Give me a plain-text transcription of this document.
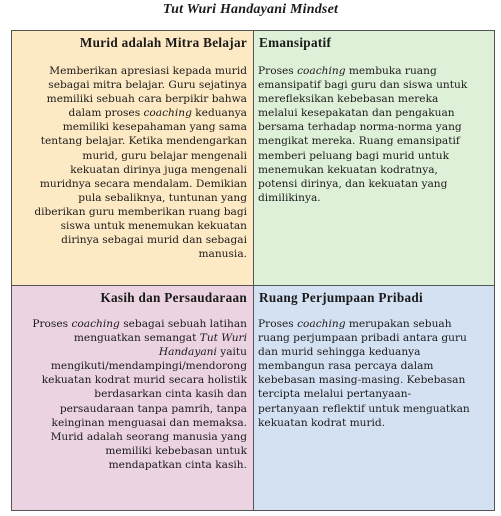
Tut Wuri Handayani Mindset
Murid adalah Mitra Belajar
Memberikan apresiasi kepada murid
sebagai mitra belajar. Guru sejatinya
memiliki sebuah cara berpikir bahwa
dalam proses coaching keduanya
memiliki kesepahaman yang sama
tentang belajar. Ketika mendengarkan
murid, guru belajar mengenali
kekuatan dirinya juga mengenali
muridnya secara mendalam. Demikian
pula sebaliknya, tuntunan yang
diberikan guru memberikan ruang bagi
siswa untuk menemukan kekuatan
dirinya sebagai murid dan sebagai
manusia.
Emansipatif
Proses coaching membuka ruang
emansipatif bagi guru dan siswa untuk
merefleksikan kebebasan mereka
melalui kesepakatan dan pengakuan
bersama terhadap norma-norma yang
mengikat mereka. Ruang emansipatif
memberi peluang bagi murid untuk
menemukan kekuatan kodratnya,
potensi dirinya, dan kekuatan yang
dimilikinya.
Kasih dan Persaudaraan
Proses coaching sebagai sebuah latihan
menguatkan semangat Tut Wuri
Handayani yaitu
mengikuti/mendampingi/mendorong
kekuatan kodrat murid secara holistik
berdasarkan cinta kasih dan
persaudaraan tanpa pamrih, tanpa
keinginan menguasai dan memaksa.
Murid adalah seorang manusia yang
memiliki kebebasan untuk
mendapatkan cinta kasih.
Ruang Perjumpaan Pribadi
Proses coaching merupakan sebuah
ruang perjumpaan pribadi antara guru
dan murid sehingga keduanya
membangun rasa percaya dalam
kebebasan masing-masing. Kebebasan
tercipta melalui pertanyaan-
pertanyaan reflektif untuk menguatkan
kekuatan kodrat murid.
